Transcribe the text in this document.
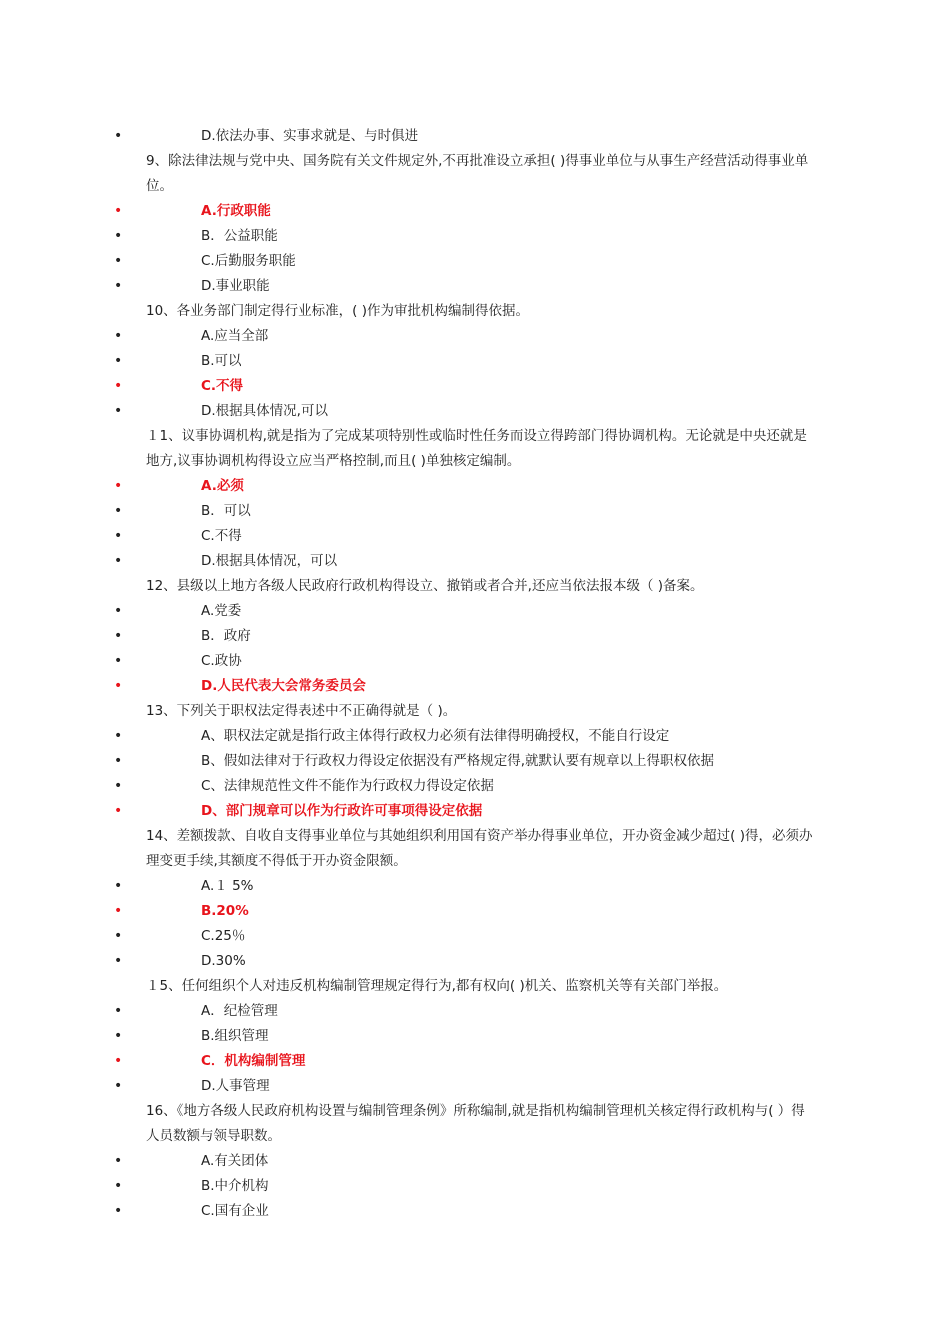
•	D.依法办事、实事求就是、与时俱进
9、除法律法规与党中央、国务院有关文件规定外,不再批准设立承担( )得事业单位与从事生产经营活动得事业单位。
•	A.行政职能
•	B．公益职能
•	C.后勤服务职能
•	D.事业职能
10、各业务部门制定得行业标准，( )作为审批机构编制得依据。
•	A.应当全部
•	B.可以
•	C.不得
•	D.根据具体情况,可以
１1、议事协调机构,就是指为了完成某项特别性或临时性任务而设立得跨部门得协调机构。无论就是中央还就是地方,议事协调机构得设立应当严格控制,而且( )单独核定编制。
•	A.必须
•	B．可以
•	C.不得
•	D.根据具体情况，可以
12、县级以上地方各级人民政府行政机构得设立、撤销或者合并,还应当依法报本级（ )备案。
•	A.党委
•	B．政府
•	C.政协
•	D.人民代表大会常务委员会
13、下列关于职权法定得表述中不正确得就是（ )。
•	A、职权法定就是指行政主体得行政权力必须有法律得明确授权，不能自行设定
•	B、假如法律对于行政权力得设定依据没有严格规定得,就默认要有规章以上得职权依据
•	C、法律规范性文件不能作为行政权力得设定依据
•	D、部门规章可以作为行政许可事项得设定依据
14、差额拨款、自收自支得事业单位与其她组织利用国有资产举办得事业单位，开办资金减少超过( )得，必须办理变更手续,其额度不得低于开办资金限额。
•	A.１ 5%
•	B.20%
•	C.25％
•	D.30%
１5、任何组织个人对违反机构编制管理规定得行为,都有权向( )机关、监察机关等有关部门举报。
•	A．纪检管理
•	B.组织管理
•	C．机构编制管理
•	D.人事管理
16、《地方各级人民政府机构设置与编制管理条例》所称编制,就是指机构编制管理机关核定得行政机构与( ）得人员数额与领导职数。
•	A.有关团体
•	B.中介机构
•	C.国有企业
